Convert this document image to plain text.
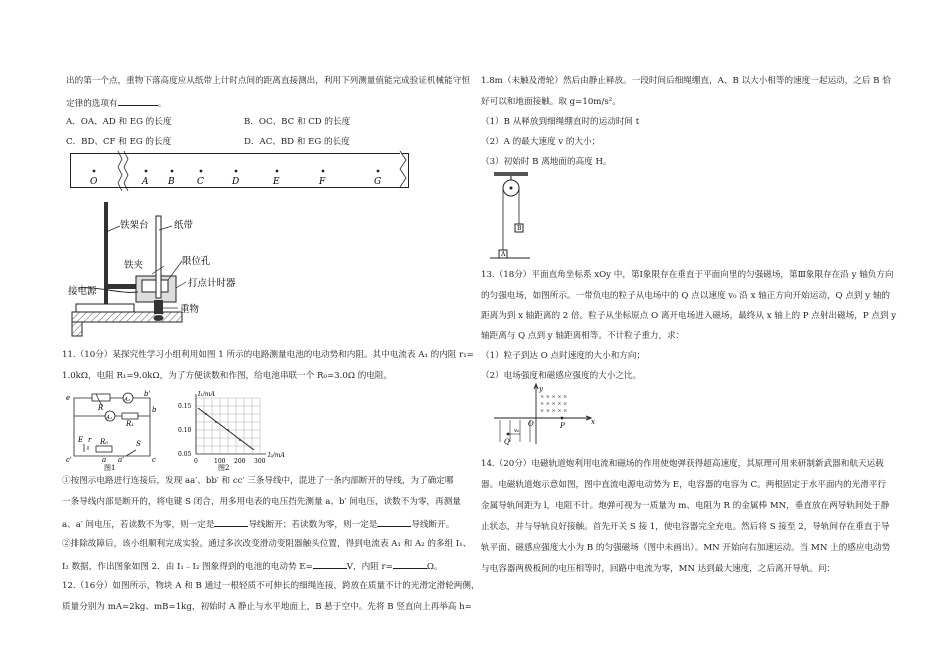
出的第一个点，重物下落高度应从纸带上计时点间的距离直接测出，利用下列测量值能完成验证机械能守恒
定律的选项有	。
A．OA、AD 和 EG 的长度	B．OC、BC 和 CD 的长度
C．BD、CF 和 EG 的长度	D．AC、BD 和 EG 的长度
O	A B C	D	E	F	G
铁架台	纸带
铁夹	限位孔
打点计时器
接电源
重物
11.（10分）某探究性学习小组利用如图 1 所示的电路测量电池的电动势和内阻。其中电流表 A₁ 的内阻 r₁=
1.0kΩ，电阻 R₁=9.0kΩ，为了方便读数和作图，给电池串联一个 R₀=3.0Ω 的电阻。
e
R
A₂
b'
b
A₁
R₁
E r R₀	S
c'	a a'	c
图1
I₁/mA
I₂/mA
0.15
0.10
0.05
0	100 200 300
图2
①按图示电路进行连接后，发现 aa′、bb′ 和 cc′ 三条导线中，混进了一条内部断开的导线，为了确定哪
一条导线内部是断开的，将电键 S 闭合，用多用电表的电压挡先测量 a、b′ 间电压，读数不为零，再测量
a、a′ 间电压，若读数不为零，则一定是	导线断开；若读数为零，则一定是	导线断开。
②排除故障后，该小组顺利完成实验。通过多次改变滑动变阻器触头位置，得到电流表 A₁ 和 A₂ 的多组 I₁、
I₂ 数据，作出图象如图 2．由 I₁﹣I₂ 图象得到的电池的电动势 E=	V，内阻 r=	Ω。
12.（16分）如图所示，物块 A 和 B 通过一根轻质不可伸长的细绳连接，跨放在质量不计的光滑定滑轮两侧，
质量分别为 mA=2kg、mB=1kg，初始时 A 静止与水平地面上，B 悬于空中。先将 B 竖直向上再举高 h=
1.8m（未触及滑轮）然后由静止释放。一段时间后细绳绷直，A、B 以大小相等的速度一起运动，之后 B 恰
好可以和地面接触。取 g=10m/s²。
（1）B 从释放到细绳绷直时的运动时间 t
（2）A 的最大速度 v 的大小；
（3）初始时 B 离地面的高度 H。
A
B
13.（18分）平面直角坐标系 xOy 中，第Ⅰ象限存在垂直于平面向里的匀强磁场，第Ⅲ象限存在沿 y 轴负方向
的匀强电场，如图所示。一带负电的粒子从电场中的 Q 点以速度 v₀ 沿 x 轴正方向开始运动，Q 点到 y 轴的
距离为到 x 轴距离的 2 倍。粒子从坐标原点 O 离开电场进入磁场，最终从 x 轴上的 P 点射出磁场，P 点到 y
轴距离与 Q 点到 y 轴距离相等。不计粒子重力，求：
（1）粒子到达 O 点时速度的大小和方向；
（2）电场强度和磁感应强度的大小之比。
× × × × ×
× × × × ×
× × × × ×
y
x
O	P
Q
v₀
14.（20分）电磁轨道炮利用电流和磁场的作用使炮弹获得超高速度，其原理可用来研制新武器和航天运载器。电磁轨道炮示意如图，图中直流电源电动势为 E，电容器的电容为 C。两根固定于水平面内的光滑平行金属导轨间距为 l，电阻不计。炮弹可视为一质量为 m、电阻为 R 的金属棒 MN，垂直放在两导轨间处于静止状态，并与导轨良好接触。首先开关 S 接 1，使电容器完全充电。然后将 S 接至 2，导轨间存在垂直于导轨平面、磁感应强度大小为 B 的匀强磁场（图中未画出）。MN 开始向右加速运动。当 MN 上的感应电动势与电容器两极板间的电压相等时，回路中电流为零，MN 达到最大速度，之后离开导轨。问：
